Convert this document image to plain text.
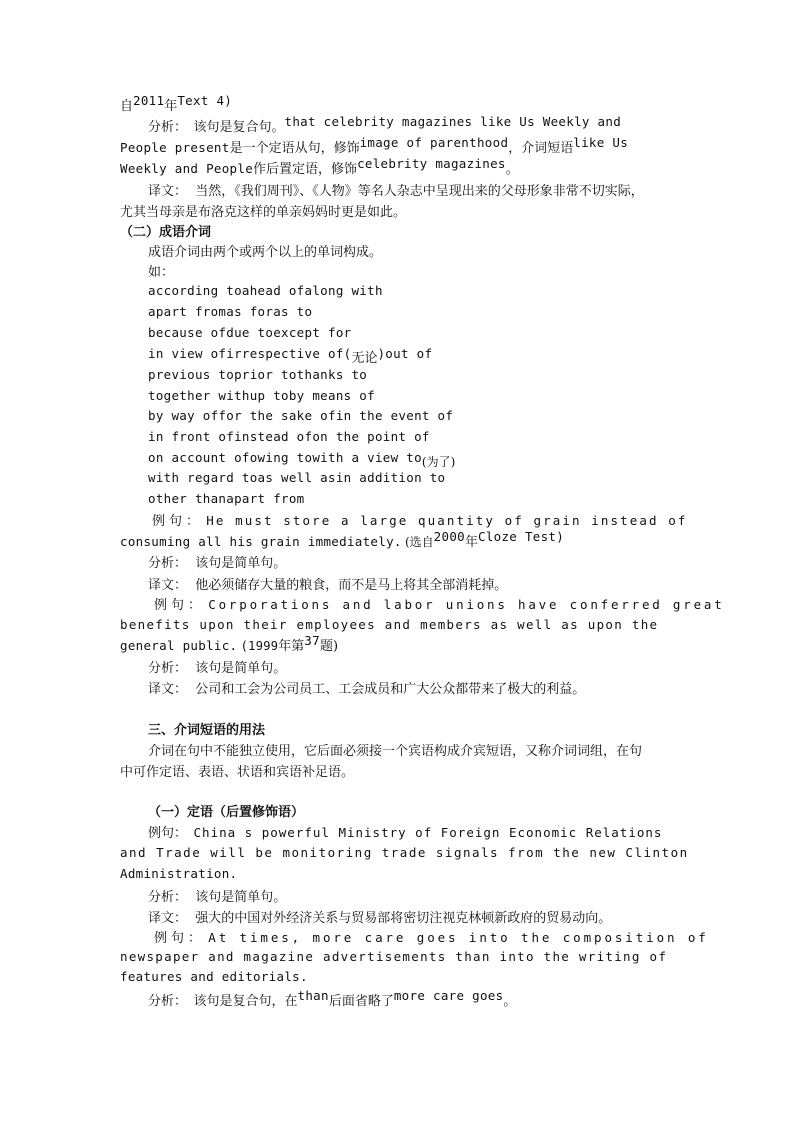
自2011年Text 4)
分析： 该句是复合句。that celebrity magazines like Us Weekly and
People present是一个定语从句，修饰image of parenthood，介词短语like Us
Weekly and People作后置定语，修饰celebrity magazines。
译文： 当然，《我们周刊》、《人物》等名人杂志中呈现出来的父母形象非常不切实际，
尤其当母亲是布洛克这样的单亲妈妈时更是如此。
（二）成语介词
成语介词由两个或两个以上的单词构成。
如：
according toahead ofalong with
apart fromas foras to
because ofdue toexcept for
in view ofirrespective of(无论)out of
previous toprior tothanks to
together withup toby means of
by way offor the sake ofin the event of
in front ofinstead ofon the point of
on account ofowing towith a view to(为了)
with regard toas well asin addition to
other thanapart from
例句： He must store a large quantity of grain instead of
consuming all his grain immediately. (选自2000年Cloze Test)
分析： 该句是简单句。
译文： 他必须储存大量的粮食，而不是马上将其全部消耗掉。
例句： Corporations and labor unions have conferred great
benefits upon their employees and members as well as upon the
general public. (1999年第37题)
分析： 该句是简单句。
译文： 公司和工会为公司员工、工会成员和广大公众都带来了极大的利益。
三、介词短语的用法
介词在句中不能独立使用，它后面必须接一个宾语构成介宾短语，又称介词词组，在句
中可作定语、表语、状语和宾语补足语。
（一）定语（后置修饰语）
例句： China s powerful Ministry of Foreign Economic Relations
and Trade will be monitoring trade signals from the new Clinton
Administration.
分析： 该句是简单句。
译文： 强大的中国对外经济关系与贸易部将密切注视克林顿新政府的贸易动向。
例句： At times, more care goes into the composition of
newspaper and magazine advertisements than into the writing of
features and editorials.
分析： 该句是复合句，在than后面省略了more care goes。
